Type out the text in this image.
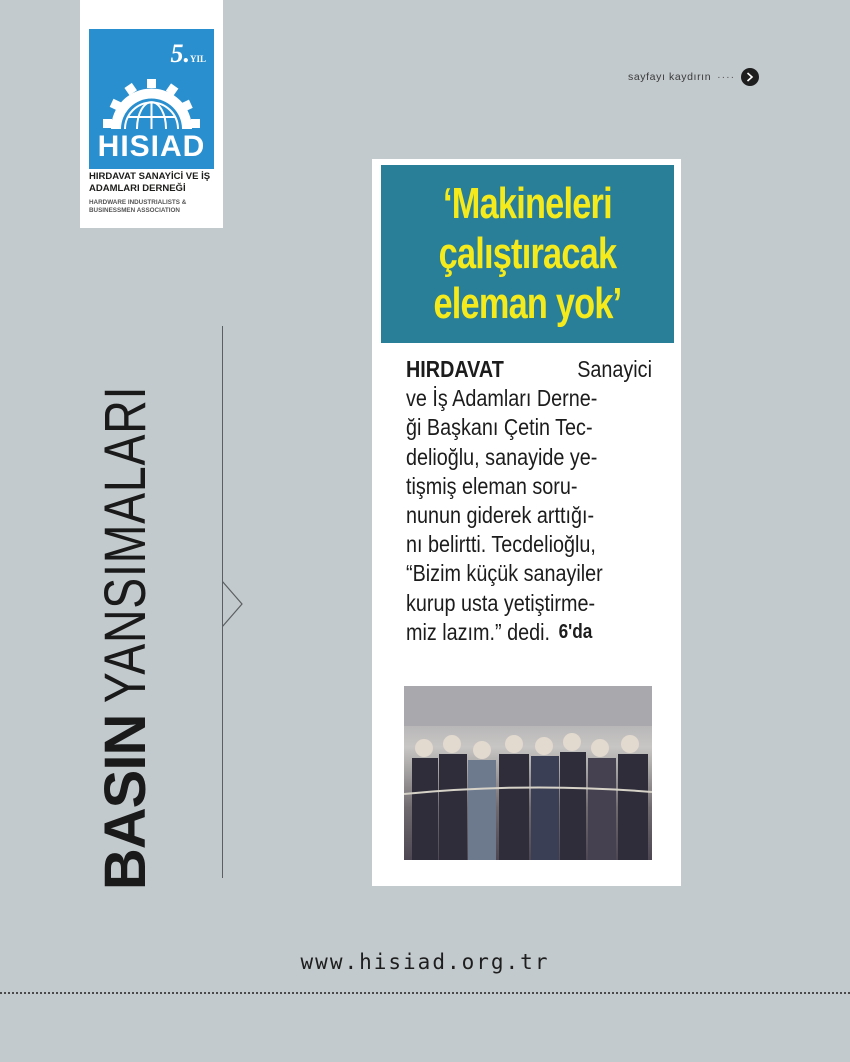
5.YIL
HISIAD
HIRDAVAT SANAYİCİ VE İŞ ADAMLARI DERNEĞİ
HARDWARE INDUSTRIALISTS & BUSINESSMEN ASSOCIATION
BASINYANSIMALARI
sayfayı kaydırın ····
‘Makineleri
çalıştıracak
eleman yok’
HIRDAVAT	Sanayici
ve İş Adamları Derne-
ği Başkanı Çetin Tec-
delioğlu, sanayide ye-
tişmiş eleman soru-
nunun giderek arttığı-
nı belirtti. Tecdelioğlu,
“Bizim küçük sanayiler
kurup usta yetiştirme-
miz lazım.” dedi. 6'da
www.hisiad.org.tr
